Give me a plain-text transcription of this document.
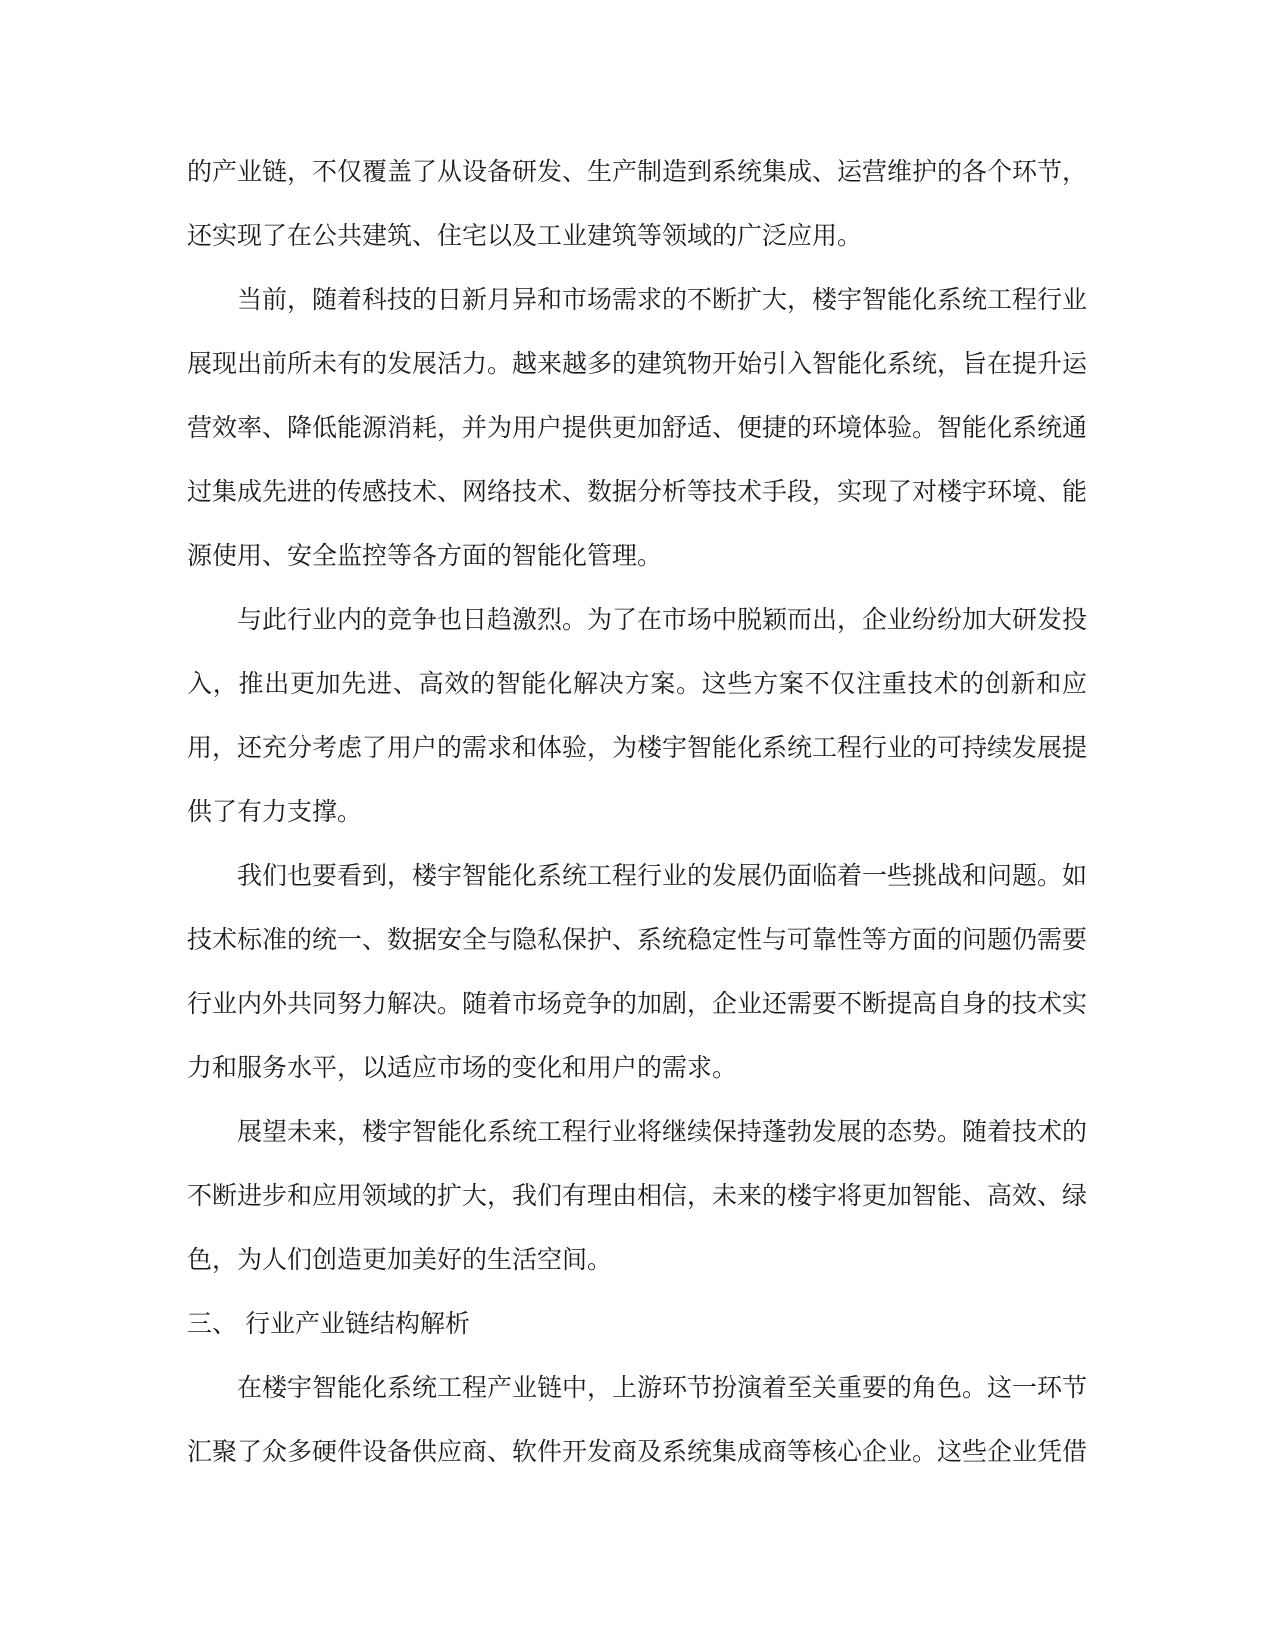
的产业链，不仅覆盖了从设备研发、生产制造到系统集成、运营维护的各个环节，还实现了在公共建筑、住宅以及工业建筑等领域的广泛应用。

当前，随着科技的日新月异和市场需求的不断扩大，楼宇智能化系统工程行业展现出前所未有的发展活力。越来越多的建筑物开始引入智能化系统，旨在提升运营效率、降低能源消耗，并为用户提供更加舒适、便捷的环境体验。智能化系统通过集成先进的传感技术、网络技术、数据分析等技术手段，实现了对楼宇环境、能源使用、安全监控等各方面的智能化管理。

与此行业内的竞争也日趋激烈。为了在市场中脱颖而出，企业纷纷加大研发投入，推出更加先进、高效的智能化解决方案。这些方案不仅注重技术的创新和应用，还充分考虑了用户的需求和体验，为楼宇智能化系统工程行业的可持续发展提供了有力支撑。

我们也要看到，楼宇智能化系统工程行业的发展仍面临着一些挑战和问题。如技术标准的统一、数据安全与隐私保护、系统稳定性与可靠性等方面的问题仍需要行业内外共同努力解决。随着市场竞争的加剧，企业还需要不断提高自身的技术实力和服务水平，以适应市场的变化和用户的需求。

展望未来，楼宇智能化系统工程行业将继续保持蓬勃发展的态势。随着技术的不断进步和应用领域的扩大，我们有理由相信，未来的楼宇将更加智能、高效、绿色，为人们创造更加美好的生活空间。

三、 行业产业链结构解析

在楼宇智能化系统工程产业链中，上游环节扮演着至关重要的角色。这一环节汇聚了众多硬件设备供应商、软件开发商及系统集成商等核心企业。这些企业凭借
